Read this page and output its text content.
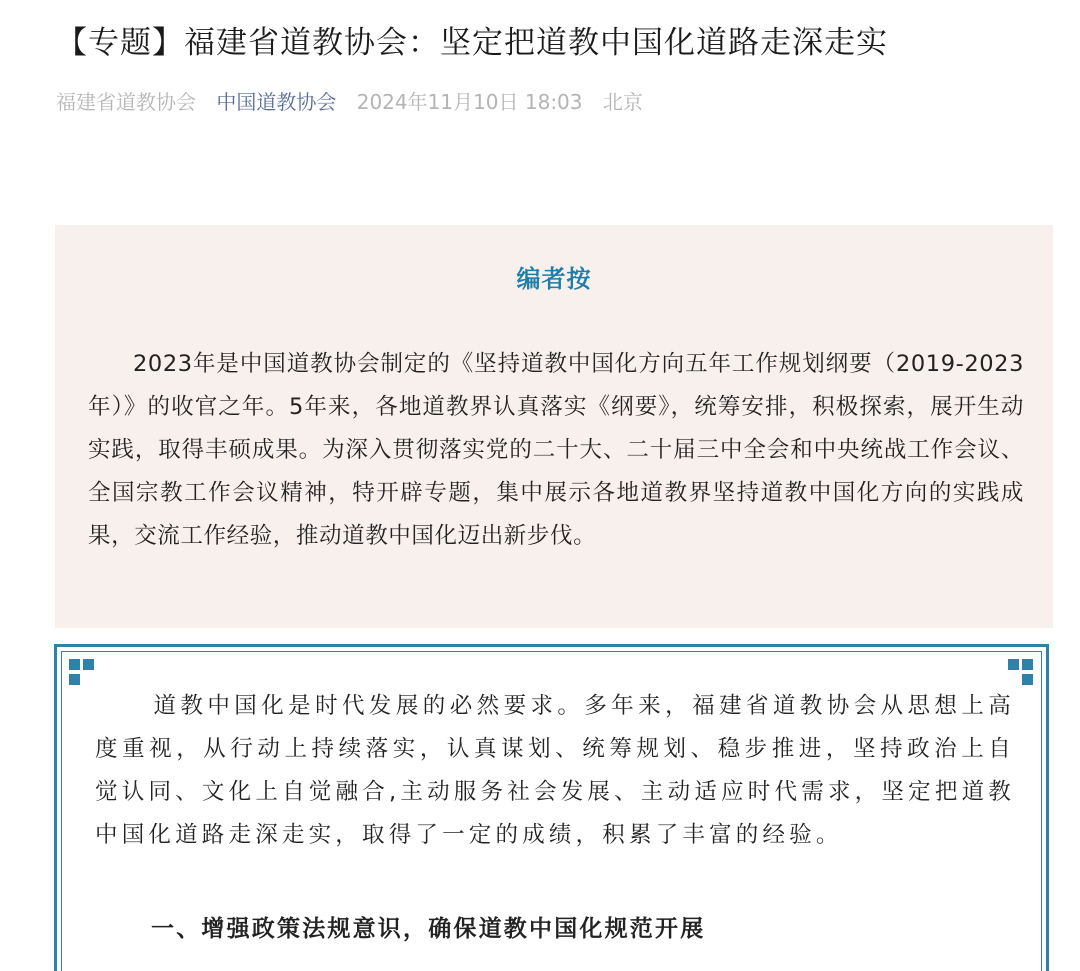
【专题】福建省道教协会：坚定把道教中国化道路走深走实
福建省道教协会 中国道教协会 2024年11月10日 18:03 北京
编者按

2023年是中国道教协会制定的《坚持道教中国化方向五年工作规划纲要（2019-2023年）》的收官之年。5年来，各地道教界认真落实《纲要》，统筹安排，积极探索，展开生动实践，取得丰硕成果。为深入贯彻落实党的二十大、二十届三中全会和中央统战工作会议、全国宗教工作会议精神，特开辟专题，集中展示各地道教界坚持道教中国化方向的实践成果，交流工作经验，推动道教中国化迈出新步伐。

道教中国化是时代发展的必然要求。多年来，福建省道教协会从思想上高度重视，从行动上持续落实，认真谋划、统筹规划、稳步推进，坚持政治上自觉认同、文化上自觉融合,主动服务社会发展、主动适应时代需求，坚定把道教中国化道路走深走实，取得了一定的成绩，积累了丰富的经验。

一、增强政策法规意识，确保道教中国化规范开展
